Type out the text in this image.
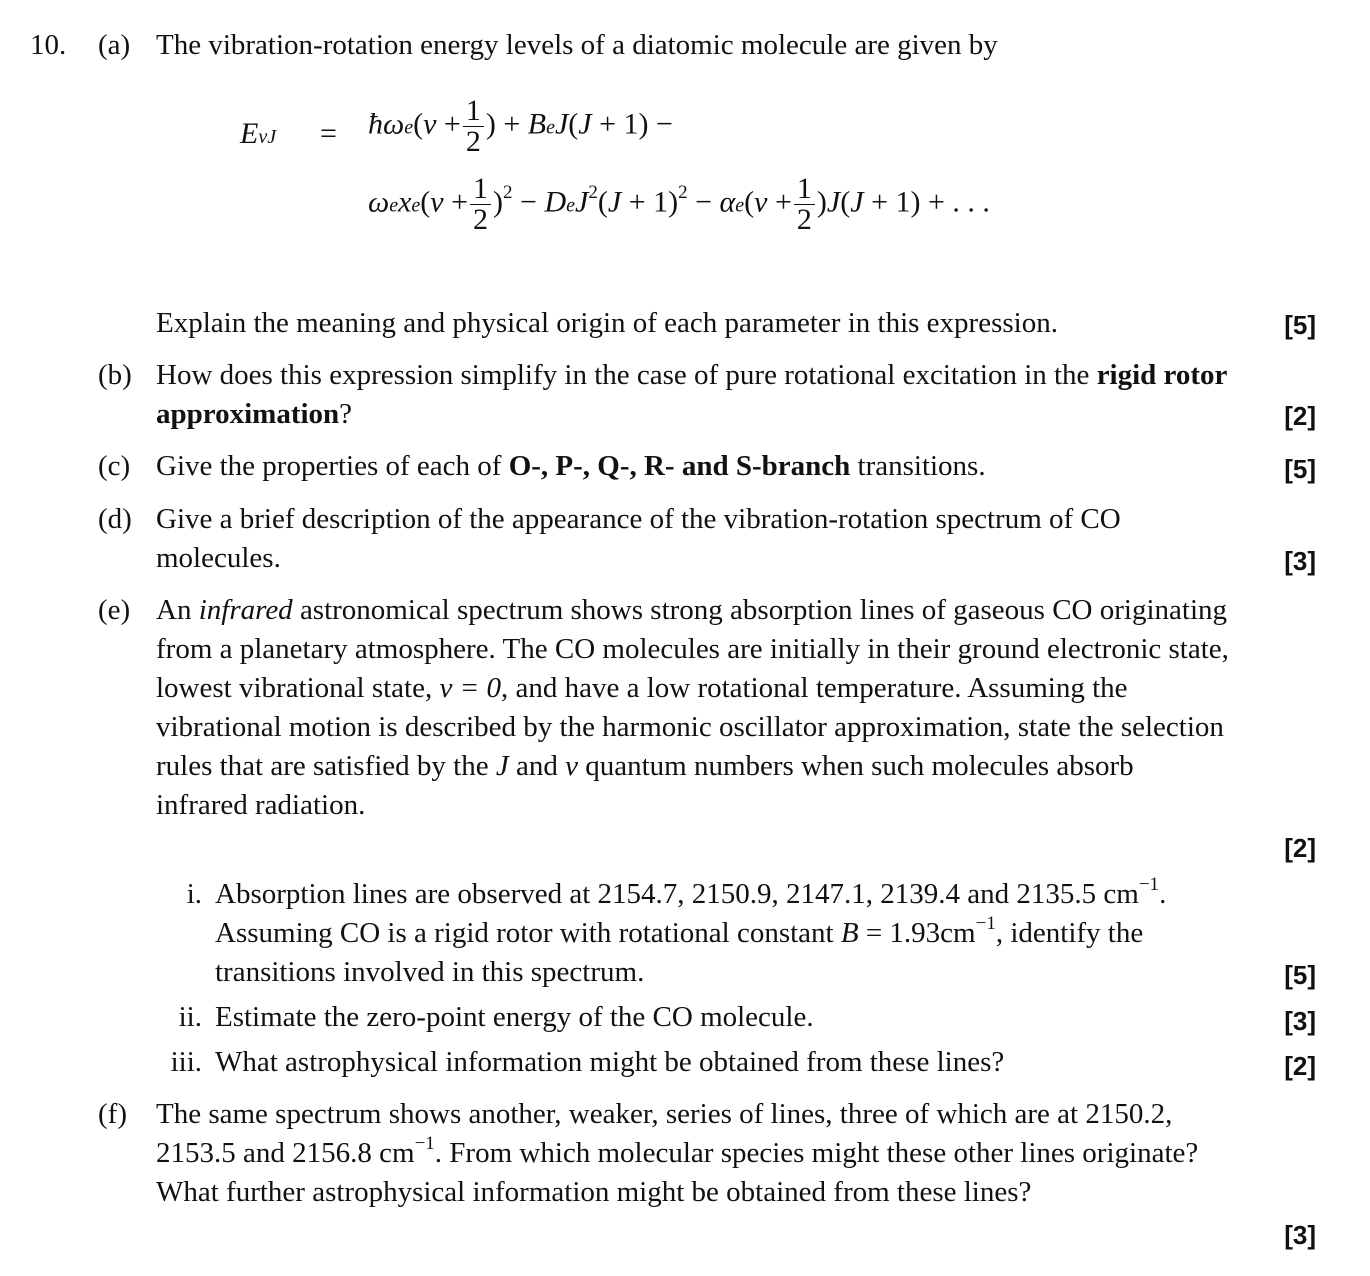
10. (a) The vibration-rotation energy levels of a diatomic molecule are given by
EvJ = ħωe(v + $\frac{1}{2}$ ) + BeJ(J + 1) −
$\omega exe(v + \frac{1}{2} )^2 - DeJ^2(J + 1)^2 - \alpha e(v + \frac{1}{2} )J(J + 1)$ + . . .
Explain the meaning and physical origin of each parameter in this expression.	[5]
(b) How does this expression simplify in the case of pure rotational excitation in the rigid rotor approximation?	[2]
(c) Give the properties of each of O-, P-, Q-, R- and S-branch transitions.	[5]
(d) Give a brief description of the appearance of the vibration-rotation spectrum of CO molecules.	[3]
(e) An infrared astronomical spectrum shows strong absorption lines of gaseous CO originating from a planetary atmosphere. The CO molecules are initially in their ground electronic state, lowest vibrational state, v = 0, and have a low rotational temperature. Assuming the vibrational motion is described by the harmonic oscillator approximation, state the selection rules that are satisfied by the J and v quantum numbers when such molecules absorb infrared radiation.
[2]
i. Absorption lines are observed at 2154.7, 2150.9, 2147.1, 2139.4 and 2135.5 $cm^{-1}$. Assuming CO is a rigid rotor with rotational constant $B = 1.93cm^{-1}$, identify the transitions involved in this spectrum.	[5]
ii. Estimate the zero-point energy of the CO molecule.	[3]
iii. What astrophysical information might be obtained from these lines?	[2]
(f) The same spectrum shows another, weaker, series of lines, three of which are at 2150.2, 2153.5 and 2156.8 $cm^{-1}$. From which molecular species might these other lines originate? What further astrophysical information might be obtained from these lines?
[3]
